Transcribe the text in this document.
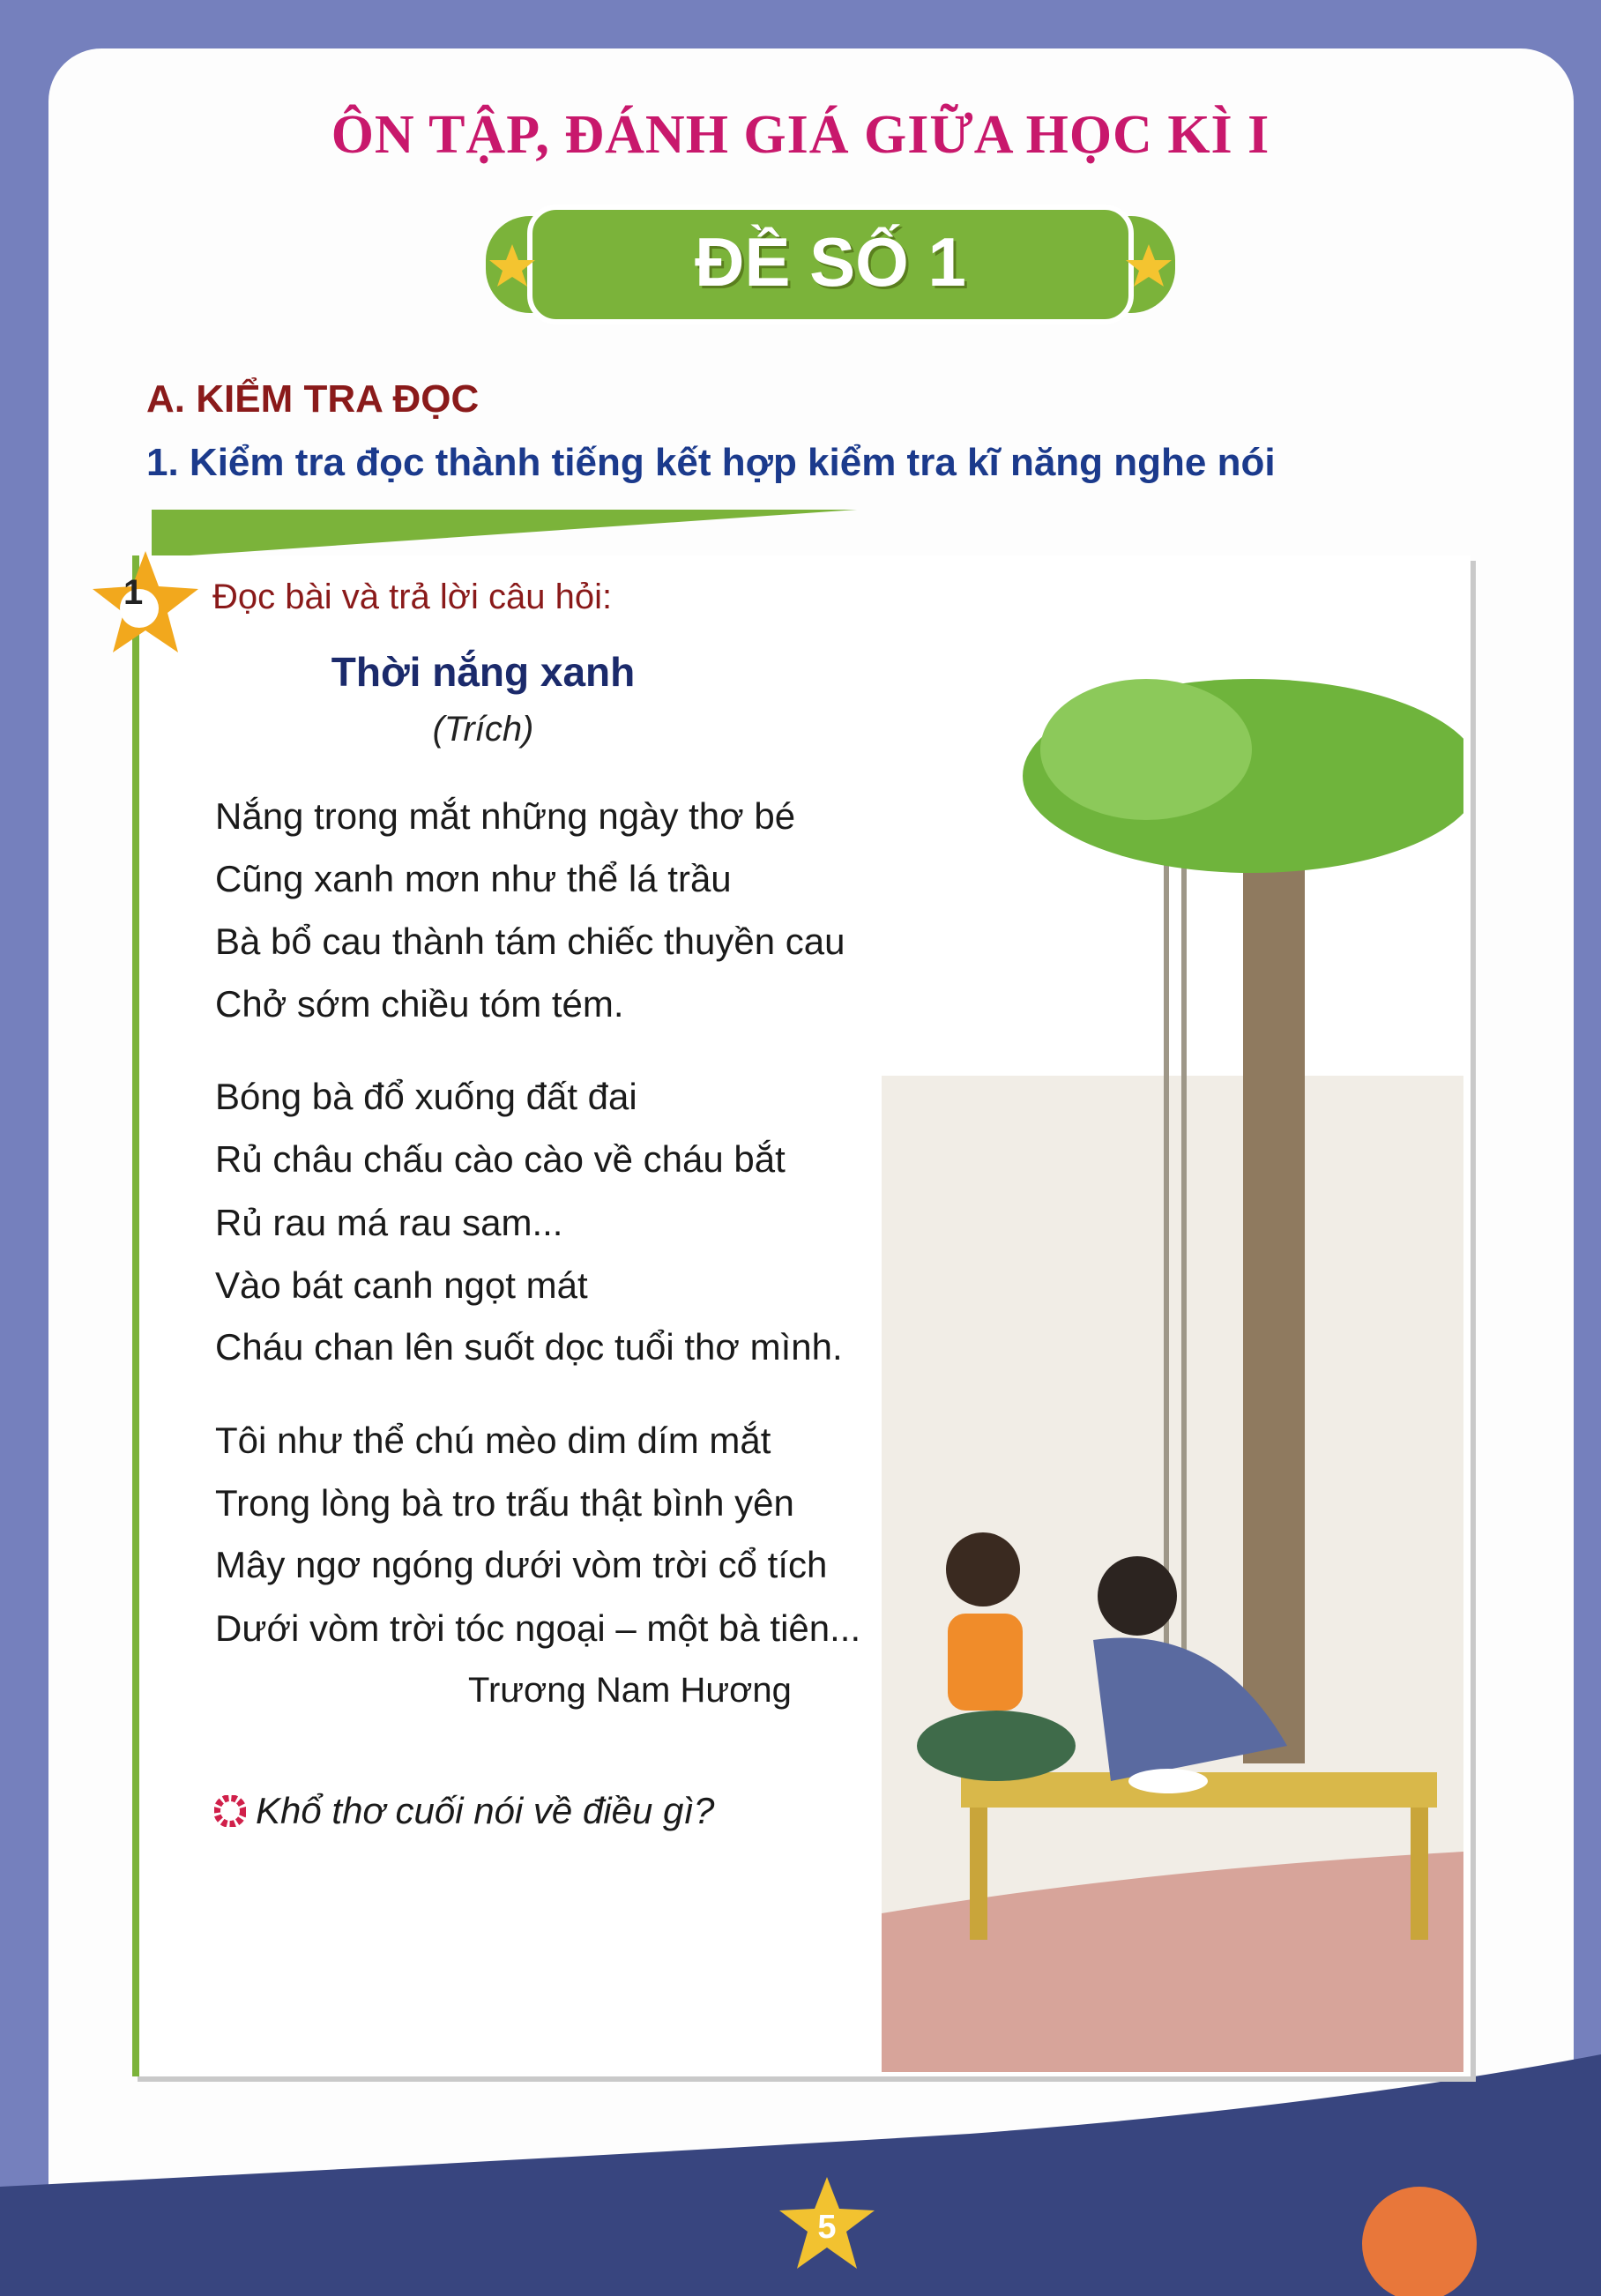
ÔN TẬP, ĐÁNH GIÁ GIỮA HỌC KÌ I
ĐỀ SỐ 1
A. KIỂM TRA ĐỌC
1. Kiểm tra đọc thành tiếng kết hợp kiểm tra kĩ năng nghe nói
1 Đọc bài và trả lời câu hỏi:
Thời nắng xanh
(Trích)
Nắng trong mắt những ngày thơ bé
Cũng xanh mơn như thể lá trầu
Bà bổ cau thành tám chiếc thuyền cau
Chở sớm chiều tóm tém.
Bóng bà đổ xuống đất đai
Rủ châu chấu cào cào về cháu bắt
Rủ rau má rau sam...
Vào bát canh ngọt mát
Cháu chan lên suốt dọc tuổi thơ mình.
Tôi như thể chú mèo dim dím mắt
Trong lòng bà tro trấu thật bình yên
Mây ngơ ngóng dưới vòm trời cổ tích
Dưới vòm trời tóc ngoại – một bà tiên...
Trương Nam Hương
Khổ thơ cuối nói về điều gì?
5
